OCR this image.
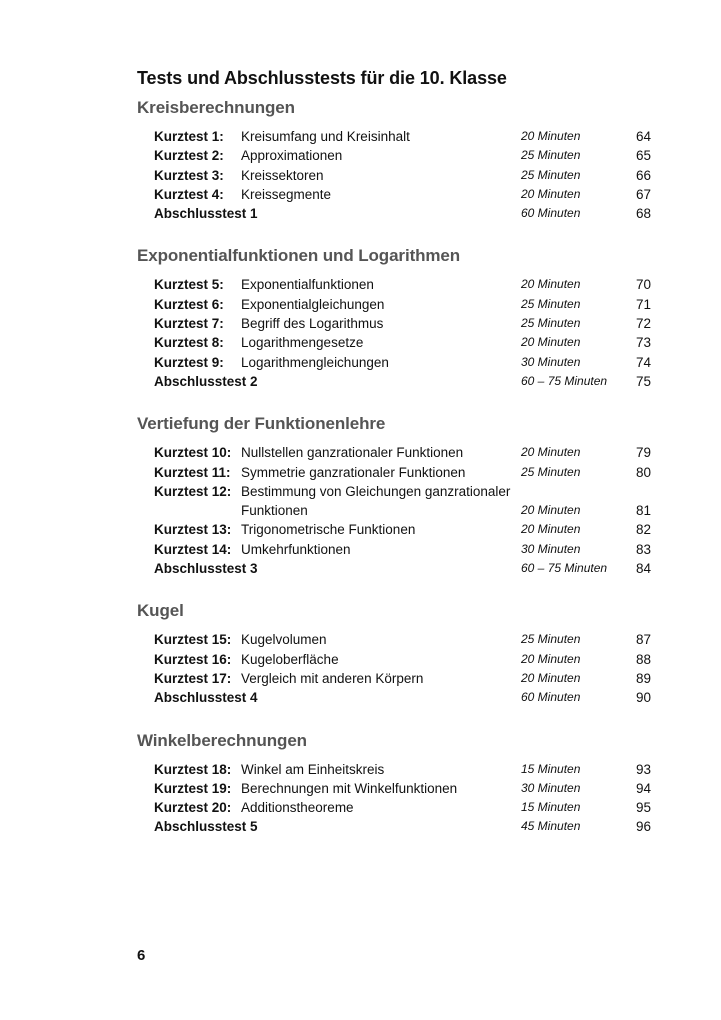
Tests und Abschlusstests für die 10. Klasse
Kreisberechnungen
Kurztest 1: Kreisumfang und Kreisinhalt	20 Minuten	64
Kurztest 2: Approximationen	25 Minuten	65
Kurztest 3: Kreissektoren	25 Minuten	66
Kurztest 4: Kreissegmente	20 Minuten	67
Abschlusstest 1	60 Minuten	68
Exponentialfunktionen und Logarithmen
Kurztest 5: Exponentialfunktionen	20 Minuten	70
Kurztest 6: Exponentialgleichungen	25 Minuten	71
Kurztest 7: Begriff des Logarithmus	25 Minuten	72
Kurztest 8: Logarithmengesetze	20 Minuten	73
Kurztest 9: Logarithmengleichungen	30 Minuten	74
Abschlusstest 2	60 – 75 Minuten 75
Vertiefung der Funktionenlehre
Kurztest 10: Nullstellen ganzrationaler Funktionen	20 Minuten	79
Kurztest 11: Symmetrie ganzrationaler Funktionen	25 Minuten	80
Kurztest 12: Bestimmung von Gleichungen ganzrationaler Funktionen	20 Minuten	81
Kurztest 13: Trigonometrische Funktionen	20 Minuten	82
Kurztest 14: Umkehrfunktionen	30 Minuten	83
Abschlusstest 3	60 – 75 Minuten 84
Kugel
Kurztest 15: Kugelvolumen	25 Minuten	87
Kurztest 16: Kugeloberfläche	20 Minuten	88
Kurztest 17: Vergleich mit anderen Körpern	20 Minuten	89
Abschlusstest 4	60 Minuten	90
Winkelberechnungen
Kurztest 18: Winkel am Einheitskreis	15 Minuten	93
Kurztest 19: Berechnungen mit Winkelfunktionen	30 Minuten	94
Kurztest 20: Additionstheoreme	15 Minuten	95
Abschlusstest 5	45 Minuten	96
6
